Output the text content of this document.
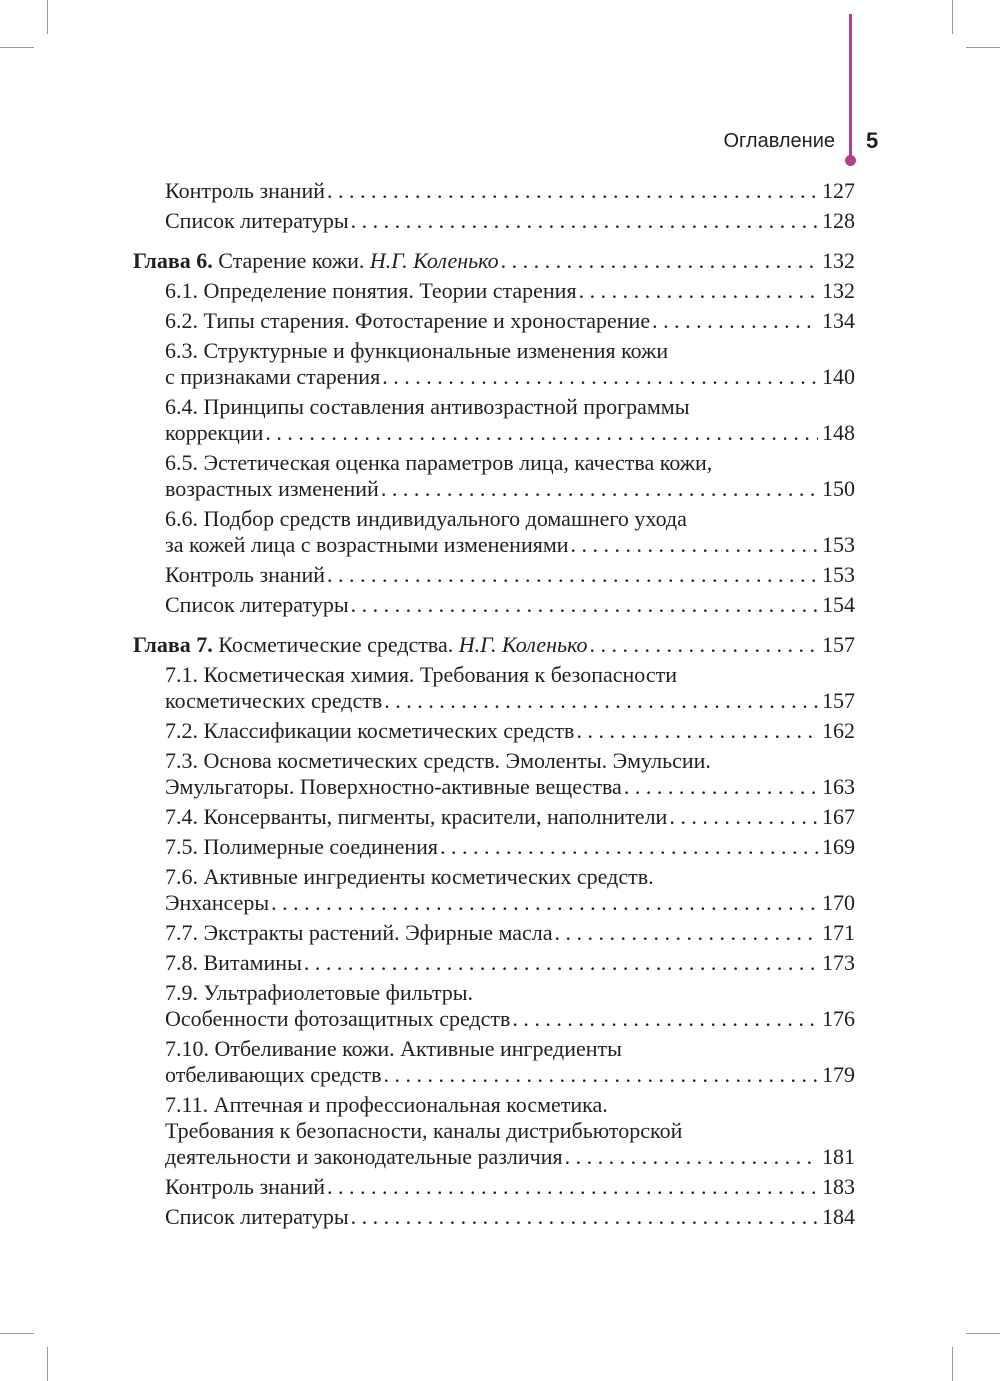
Оглавление 5
Контроль знаний . . .	127
Список литературы . . .	128
Глава 6.
Старение кожи.
Н.Г. Коленько . . .	132
6.1. Определение понятия. Теории старения . . .	132
6.2. Типы старения. Фотостарение и хроностарение . . .	134
6.3. Структурные и функциональные изменения кожи
с признаками старения . . .	140
6.4. Принципы составления антивозрастной программы
коррекции . . .	148
6.5. Эстетическая оценка параметров лица, качества кожи,
возрастных изменений . . .	150
6.6. Подбор средств индивидуального домашнего ухода
за кожей лица с возрастными изменениями . . .	153
Контроль знаний . . .	153
Список литературы . . .	154
Глава 7.
Косметические средства.
Н.Г. Коленько . . .	157
7.1. Косметическая химия. Требования к безопасности
косметических средств . . .	157
7.2. Классификации косметических средств . . .	162
7.3. Основа косметических средств. Эмоленты. Эмульсии.
Эмульгаторы. Поверхностно-активные вещества . . .	163
7.4. Консерванты, пигменты, красители, наполнители . . .	167
7.5. Полимерные соединения . . .	169
7.6. Активные ингредиенты косметических средств.
Энхансеры . . .	170
7.7. Экстракты растений. Эфирные масла . . .	171
7.8. Витамины . . .	173
7.9. Ультрафиолетовые фильтры.
Особенности фотозащитных средств . . .	176
7.10. Отбеливание кожи. Активные ингредиенты
отбеливающих средств . . .	179
7.11. Аптечная и профессиональная косметика.
Требования к безопасности, каналы дистрибьюторской
деятельности и законодательные различия . . .	181
Контроль знаний . . .	183
Список литературы . . .	184
